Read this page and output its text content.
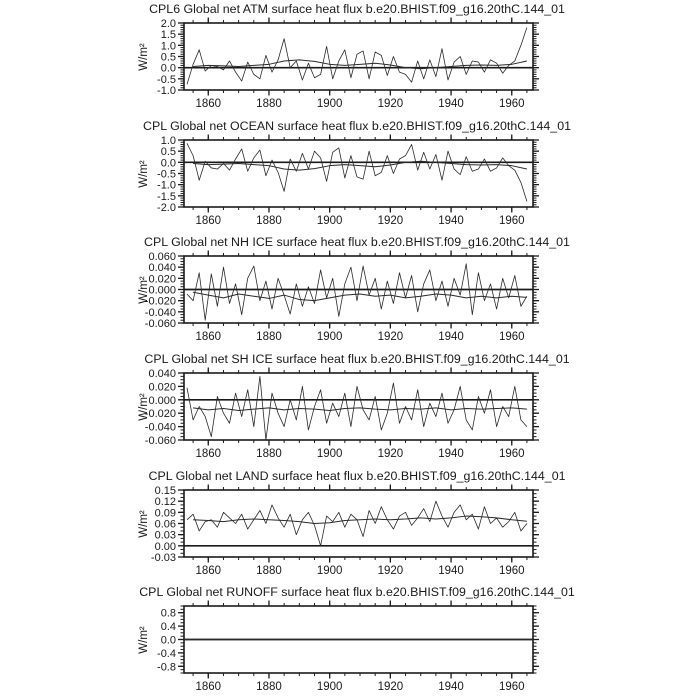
CPL6 Global net ATM surface heat flux b.e20.BHIST.f09_g16.20thC.144_01
W/m²
2.0
1.5
1.0
0.5
0.0
-0.5
-1.0
1860	1880	1900	1920	1940	1960
CPL Global net OCEAN surface heat flux b.e20.BHIST.f09_g16.20thC.144_01
W/m²
1.0
0.5
0.0
-0.5
-1.0
-1.5
-2.0
1860	1880	1900	1920	1940	1960
CPL Global net NH ICE surface heat flux b.e20.BHIST.f09_g16.20thC.144_01
W/m²
0.060
0.040
0.020
0.000
-0.020
-0.040
-0.060
1860	1880	1900	1920	1940	1960
CPL Global net SH ICE surface heat flux b.e20.BHIST.f09_g16.20thC.144_01
W/m²
0.040
0.020
0.000
-0.020
-0.040
-0.060
1860	1880	1900	1920	1940	1960
CPL Global net LAND surface heat flux b.e20.BHIST.f09_g16.20thC.144_01
W/m²
0.15
0.12
0.09
0.06
0.03
0.00
-0.03
1860	1880	1900	1920	1940	1960
CPL Global net RUNOFF surface heat flux b.e20.BHIST.f09_g16.20thC.144_01
W/m²
0.8
0.4
0.0
-0.4
-0.8
1860	1880	1900	1920	1940	1960
